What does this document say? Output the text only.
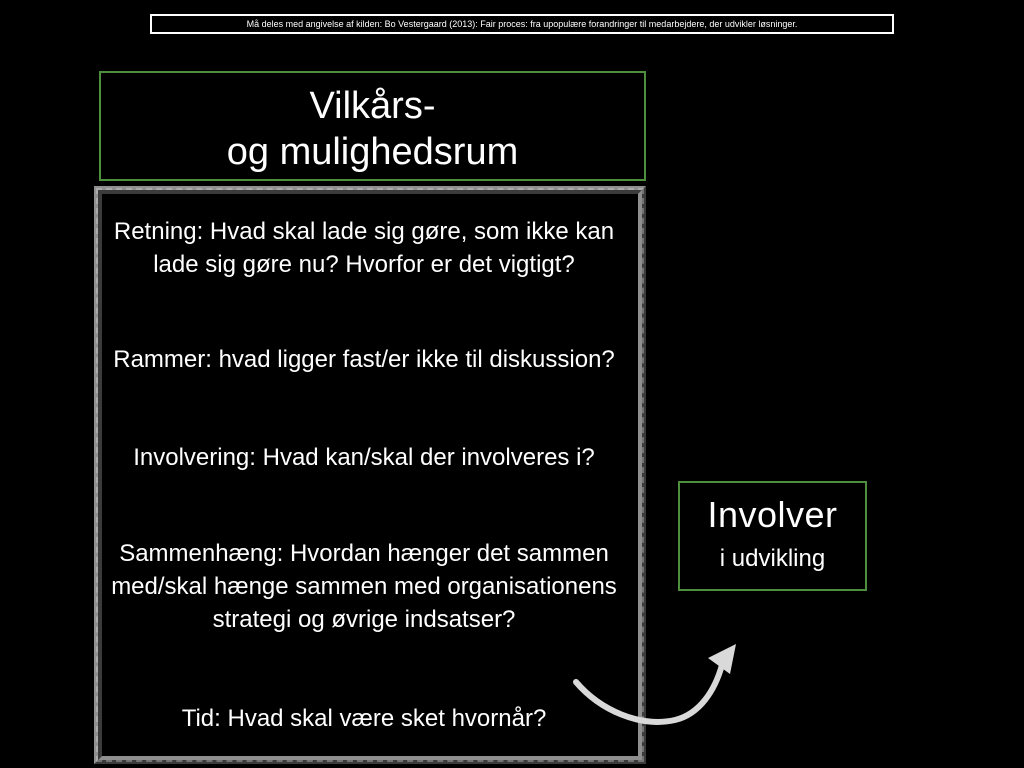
Må deles med angivelse af kilden: Bo Vestergaard (2013): Fair proces: fra upopulære forandringer til medarbejdere, der udvikler løsninger.
Vilkårs-
og mulighedsrum
Retning: Hvad skal lade sig gøre, som ikke kan lade sig gøre nu? Hvorfor er det vigtigt?
Rammer: hvad ligger fast/er ikke til diskussion?
Involvering: Hvad kan/skal der involveres i?
Sammenhæng: Hvordan hænger det sammen med/skal hænge sammen med organisationens strategi og øvrige indsatser?
Tid: Hvad skal være sket hvornår?
Involver
i udvikling
